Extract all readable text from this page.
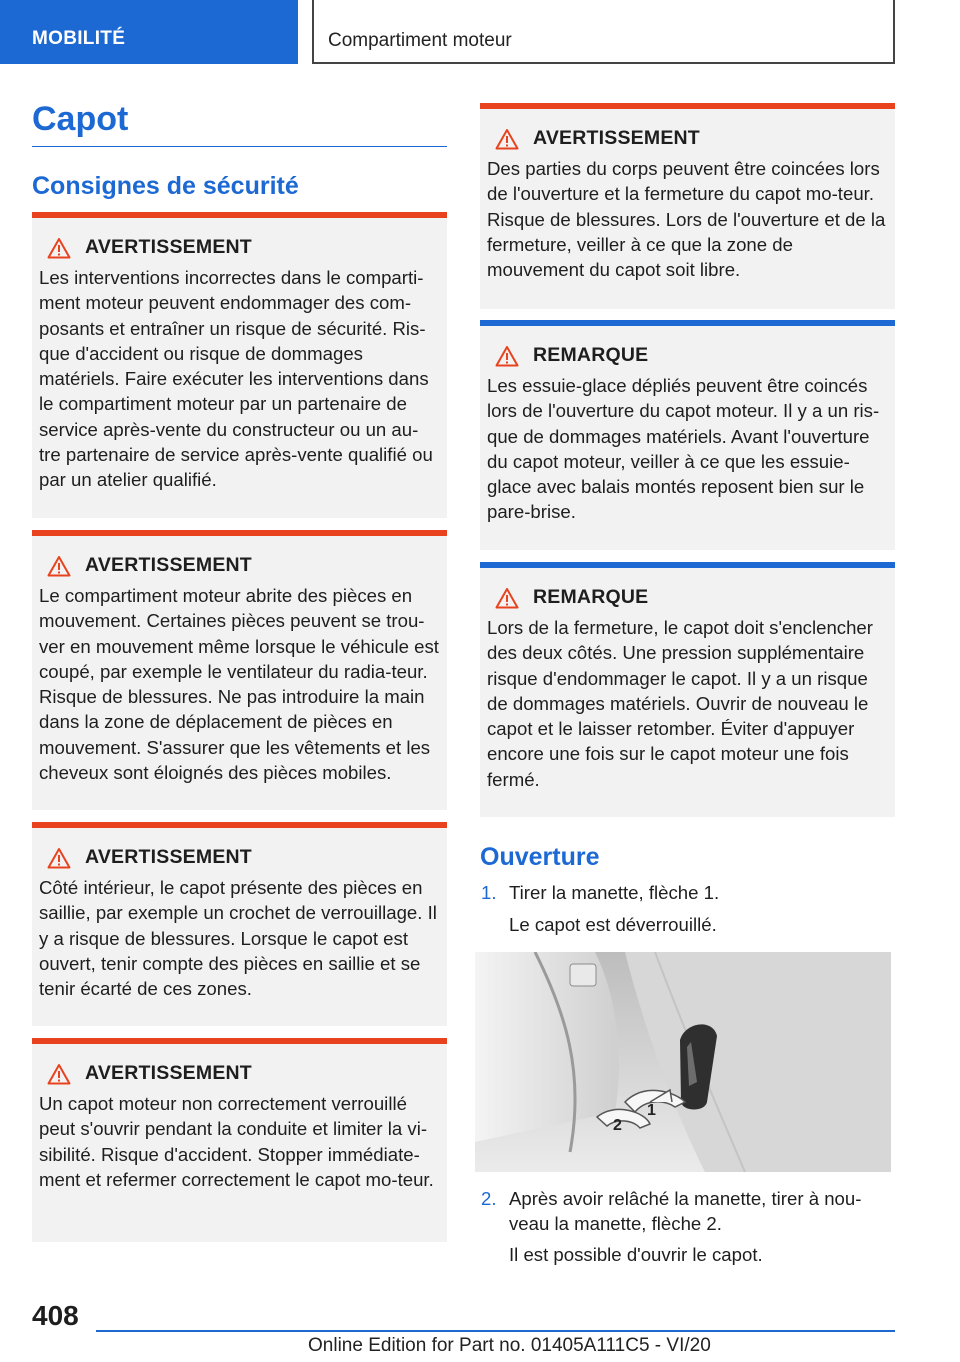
MOBILITÉ	Compartiment moteur
Capot
Consignes de sécurité
AVERTISSEMENT
Les interventions incorrectes dans le comparti‐ment moteur peuvent endommager des com‐posants et entraîner un risque de sécurité. Ris‐que d'accident ou risque de dommages matériels. Faire exécuter les interventions dans le compartiment moteur par un partenaire de service après-vente du constructeur ou un au‐tre partenaire de service après-vente qualifié ou par un atelier qualifié.
AVERTISSEMENT
Le compartiment moteur abrite des pièces en mouvement. Certaines pièces peuvent se trou‐ver en mouvement même lorsque le véhicule est coupé, par exemple le ventilateur du radia‐teur. Risque de blessures. Ne pas introduire la main dans la zone de déplacement de pièces en mouvement. S'assurer que les vêtements et les cheveux sont éloignés des pièces mobiles.
AVERTISSEMENT
Côté intérieur, le capot présente des pièces en saillie, par exemple un crochet de verrouillage. Il y a risque de blessures. Lorsque le capot est ouvert, tenir compte des pièces en saillie et se tenir écarté de ces zones.
AVERTISSEMENT
Un capot moteur non correctement verrouillé peut s'ouvrir pendant la conduite et limiter la vi‐sibilité. Risque d'accident. Stopper immédiate‐ment et refermer correctement le capot mo‐teur.
AVERTISSEMENT
Des parties du corps peuvent être coincées lors de l'ouverture et la fermeture du capot mo‐teur. Risque de blessures. Lors de l'ouverture et de la fermeture, veiller à ce que la zone de mouvement du capot soit libre.
REMARQUE
Les essuie-glace dépliés peuvent être coincés lors de l'ouverture du capot moteur. Il y a un ris‐que de dommages matériels. Avant l'ouverture du capot moteur, veiller à ce que les essuie-glace avec balais montés reposent bien sur le pare-brise.
REMARQUE
Lors de la fermeture, le capot doit s'enclencher des deux côtés. Une pression supplémentaire risque d'endommager le capot. Il y a un risque de dommages matériels. Ouvrir de nouveau le capot et le laisser retomber. Éviter d'appuyer encore une fois sur le capot moteur une fois fermé.
Ouverture
1. Tirer la manette, flèche 1.
Le capot est déverrouillé.
1
2
2. Après avoir relâché la manette, tirer à nou‐veau la manette, flèche 2.
Il est possible d'ouvrir le capot.
408
Online Edition for Part no. 01405A111C5 - VI/20
